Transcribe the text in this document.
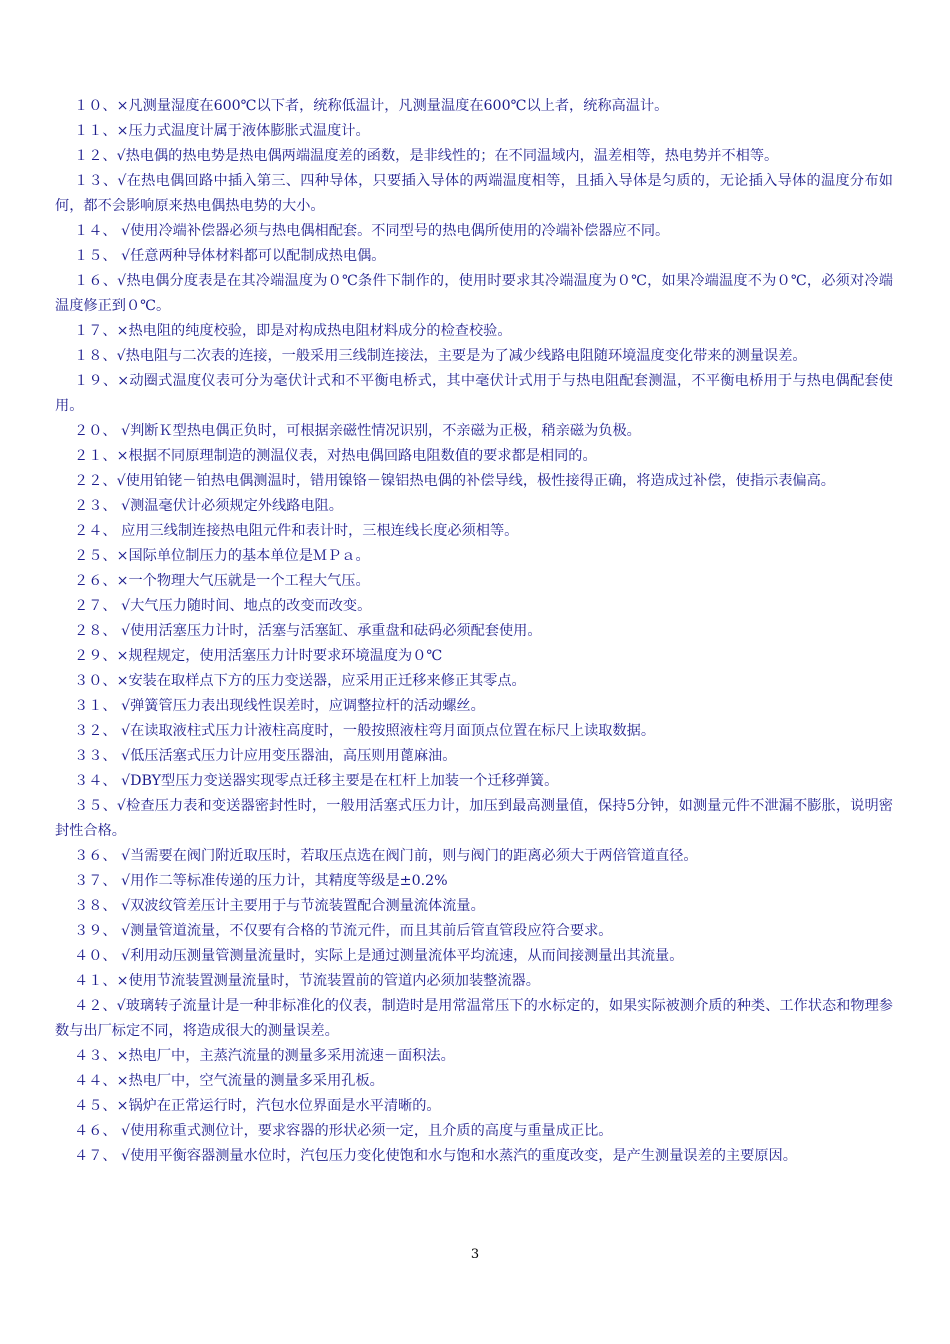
１０、×凡测量湿度在600℃以下者，统称低温计，凡测量温度在600℃以上者，统称高温计。

１１、×压力式温度计属于液体膨胀式温度计。

１２、√热电偶的热电势是热电偶两端温度差的函数，是非线性的；在不同温域内，温差相等，热电势并不相等。

１３、√在热电偶回路中插入第三、四种导体，只要插入导体的两端温度相等，且插入导体是匀质的，无论插入导体的温度分布如何，都不会影响原来热电偶热电势的大小。

１４、 √使用冷端补偿器必须与热电偶相配套。不同型号的热电偶所使用的冷端补偿器应不同。

１５、 √任意两种导体材料都可以配制成热电偶。

１６、√热电偶分度表是在其冷端温度为０℃条件下制作的，使用时要求其冷端温度为０℃，如果冷端温度不为０℃，必须对冷端温度修正到０℃。

１７、×热电阻的纯度校验，即是对构成热电阻材料成分的检查校验。

１８、√热电阻与二次表的连接，一般采用三线制连接法，主要是为了减少线路电阻随环境温度变化带来的测量误差。

１９、×动圈式温度仪表可分为毫伏计式和不平衡电桥式，其中毫伏计式用于与热电阻配套测温，不平衡电桥用于与热电偶配套使用。

２０、 √判断Ｋ型热电偶正负时，可根据亲磁性情况识别，不亲磁为正极，稍亲磁为负极。

２１、×根据不同原理制造的测温仪表，对热电偶回路电阻数值的要求都是相同的。

２２、√使用铂铑－铂热电偶测温时，错用镍铬－镍铝热电偶的补偿导线，极性接得正确，将造成过补偿，使指示表偏高。

２３、 √测温毫伏计必须规定外线路电阻。

２４、 应用三线制连接热电阻元件和表计时，三根连线长度必须相等。

２５、×国际单位制压力的基本单位是ＭＰａ。

２６、×一个物理大气压就是一个工程大气压。

２７、 √大气压力随时间、地点的改变而改变。

２８、 √使用活塞压力计时，活塞与活塞缸、承重盘和砝码必须配套使用。

２９、×规程规定，使用活塞压力计时要求环境温度为０℃

３０、×安装在取样点下方的压力变送器，应采用正迁移来修正其零点。

３１、 √弹簧管压力表出现线性误差时，应调整拉杆的活动螺丝。

３２、 √在读取液柱式压力计液柱高度时，一般按照液柱弯月面顶点位置在标尺上读取数据。

３３、 √低压活塞式压力计应用变压器油，高压则用蓖麻油。

３４、 √DBY型压力变送器实现零点迁移主要是在杠杆上加装一个迁移弹簧。

３５、√检查压力表和变送器密封性时，一般用活塞式压力计，加压到最高测量值，保持5分钟，如测量元件不泄漏不膨胀，说明密封性合格。

３６、 √当需要在阀门附近取压时，若取压点选在阀门前，则与阀门的距离必须大于两倍管道直径。

３７、 √用作二等标准传递的压力计，其精度等级是±0.2%

３８、 √双波纹管差压计主要用于与节流装置配合测量流体流量。

３９、 √测量管道流量，不仅要有合格的节流元件，而且其前后管直管段应符合要求。

４０、 √利用动压测量管测量流量时，实际上是通过测量流体平均流速，从而间接测量出其流量。

４１、×使用节流装置测量流量时，节流装置前的管道内必须加装整流器。

４２、√玻璃转子流量计是一种非标准化的仪表，制造时是用常温常压下的水标定的，如果实际被测介质的种类、工作状态和物理参数与出厂标定不同，将造成很大的测量误差。

４３、×热电厂中，主蒸汽流量的测量多采用流速－面积法。

４４、×热电厂中，空气流量的测量多采用孔板。

４５、×锅炉在正常运行时，汽包水位界面是水平清晰的。

４６、 √使用称重式测位计，要求容器的形状必须一定，且介质的高度与重量成正比。

４７、 √使用平衡容器测量水位时，汽包压力变化使饱和水与饱和水蒸汽的重度改变，是产生测量误差的主要原因。

3
